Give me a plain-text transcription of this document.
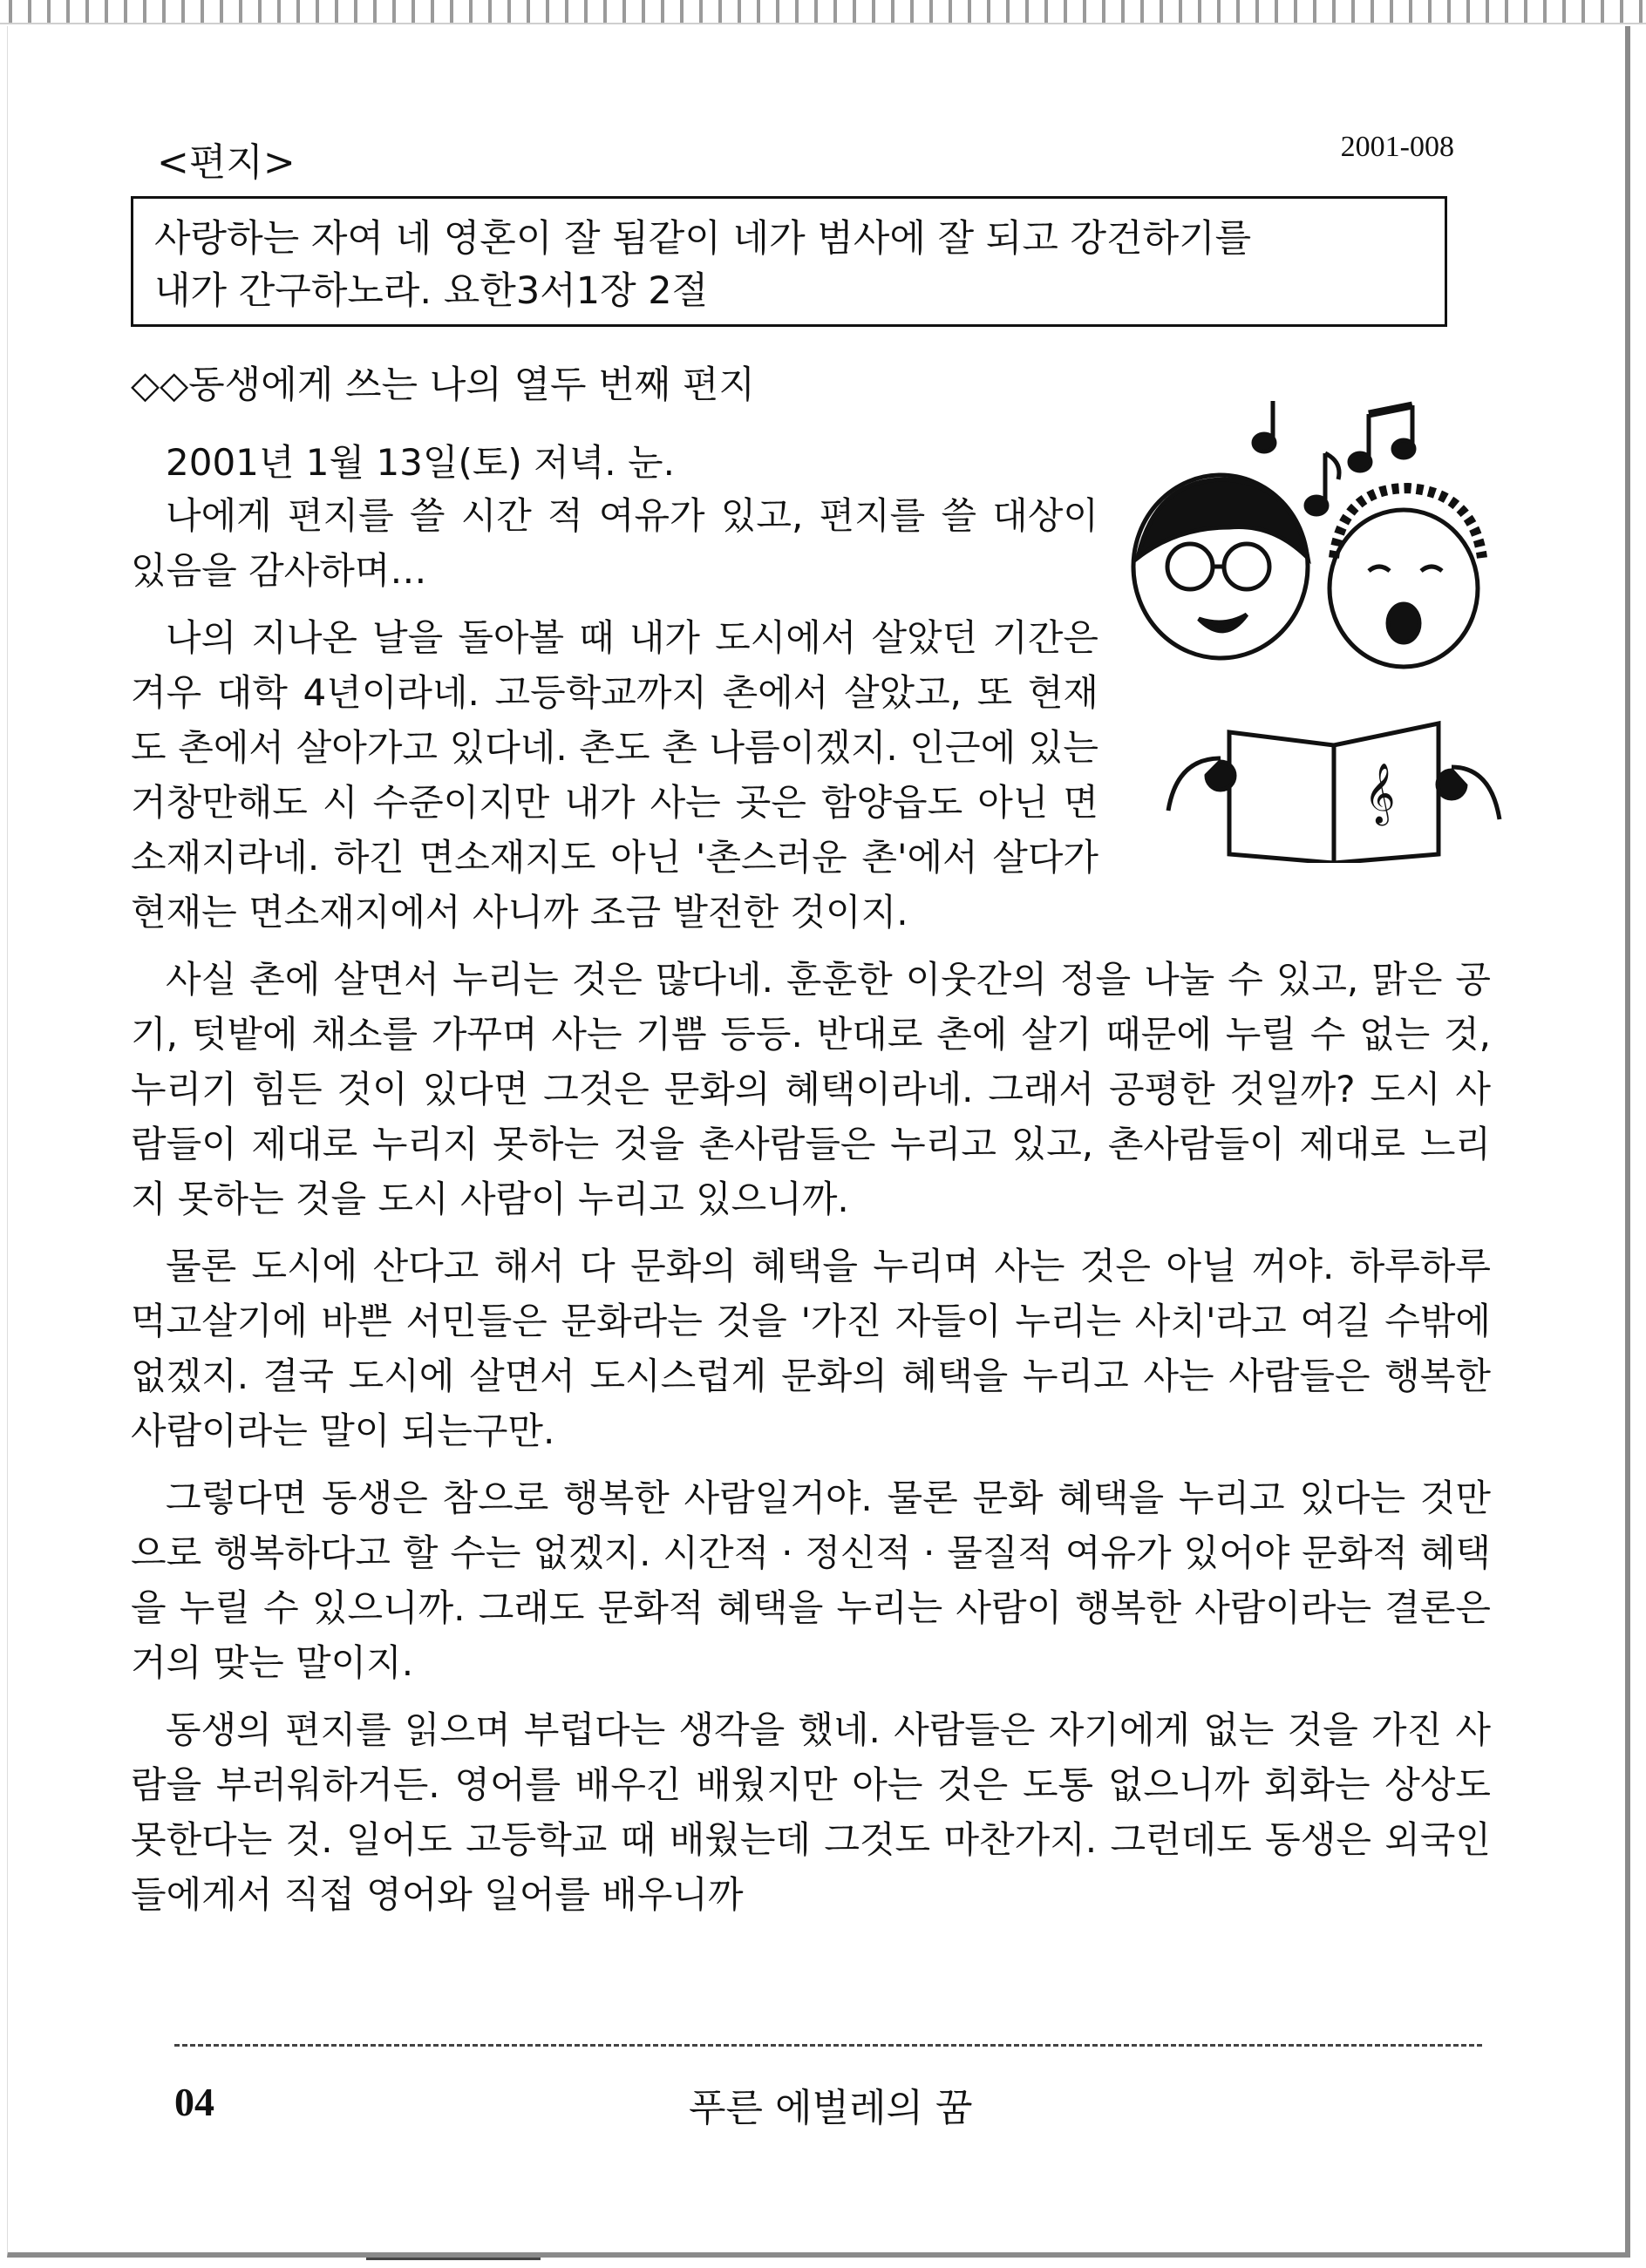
<편지>	2001-008

사랑하는 자여 네 영혼이 잘 됨같이 네가 범사에 잘 되고 강건하기를

내가 간구하노라. 요한3서1장 2절

◇◇동생에게 쓰는 나의 열두 번째 편지
2001년 1월 13일(토) 저녁. 눈.
𝄞

나에게 편지를 쓸 시간 적 여유가 있고, 편지를 쓸 대상이 있음을 감사하며…

나의 지나온 날을 돌아볼 때 내가 도시에서 살았던 기간은 겨우 대학 4년이라네. 고등학교까지 촌에서 살았고, 또 현재도 촌에서 살아가고 있다네. 촌도 촌 나름이겠지. 인근에 있는 거창만해도 시 수준이지만 내가 사는 곳은 함양읍도 아닌 면소재지라네. 하긴 면소재지도 아닌 '촌스러운 촌'에서 살다가 현재는 면소재지에서 사니까 조금 발전한 것이지.

사실 촌에 살면서 누리는 것은 많다네. 훈훈한 이웃간의 정을 나눌 수 있고, 맑은 공기, 텃밭에 채소를 가꾸며 사는 기쁨 등등. 반대로 촌에 살기 때문에 누릴 수 없는 것, 누리기 힘든 것이 있다면 그것은 문화의 혜택이라네. 그래서 공평한 것일까? 도시 사람들이 제대로 누리지 못하는 것을 촌사람들은 누리고 있고, 촌사람들이 제대로 느리지 못하는 것을 도시 사람이 누리고 있으니까.

물론 도시에 산다고 해서 다 문화의 혜택을 누리며 사는 것은 아닐 꺼야. 하루하루 먹고살기에 바쁜 서민들은 문화라는 것을 '가진 자들이 누리는 사치'라고 여길 수밖에 없겠지. 결국 도시에 살면서 도시스럽게 문화의 혜택을 누리고 사는 사람들은 행복한 사람이라는 말이 되는구만.

그렇다면 동생은 참으로 행복한 사람일거야. 물론 문화 혜택을 누리고 있다는 것만으로 행복하다고 할 수는 없겠지. 시간적 · 정신적 · 물질적 여유가 있어야 문화적 혜택을 누릴 수 있으니까. 그래도 문화적 혜택을 누리는 사람이 행복한 사람이라는 결론은 거의 맞는 말이지.

동생의 편지를 읽으며 부럽다는 생각을 했네. 사람들은 자기에게 없는 것을 가진 사람을 부러워하거든. 영어를 배우긴 배웠지만 아는 것은 도통 없으니까 회화는 상상도 못한다는 것. 일어도 고등학교 때 배웠는데 그것도 마찬가지. 그런데도 동생은 외국인들에게서 직접 영어와 일어를 배우니까

04	푸른 에벌레의 꿈
